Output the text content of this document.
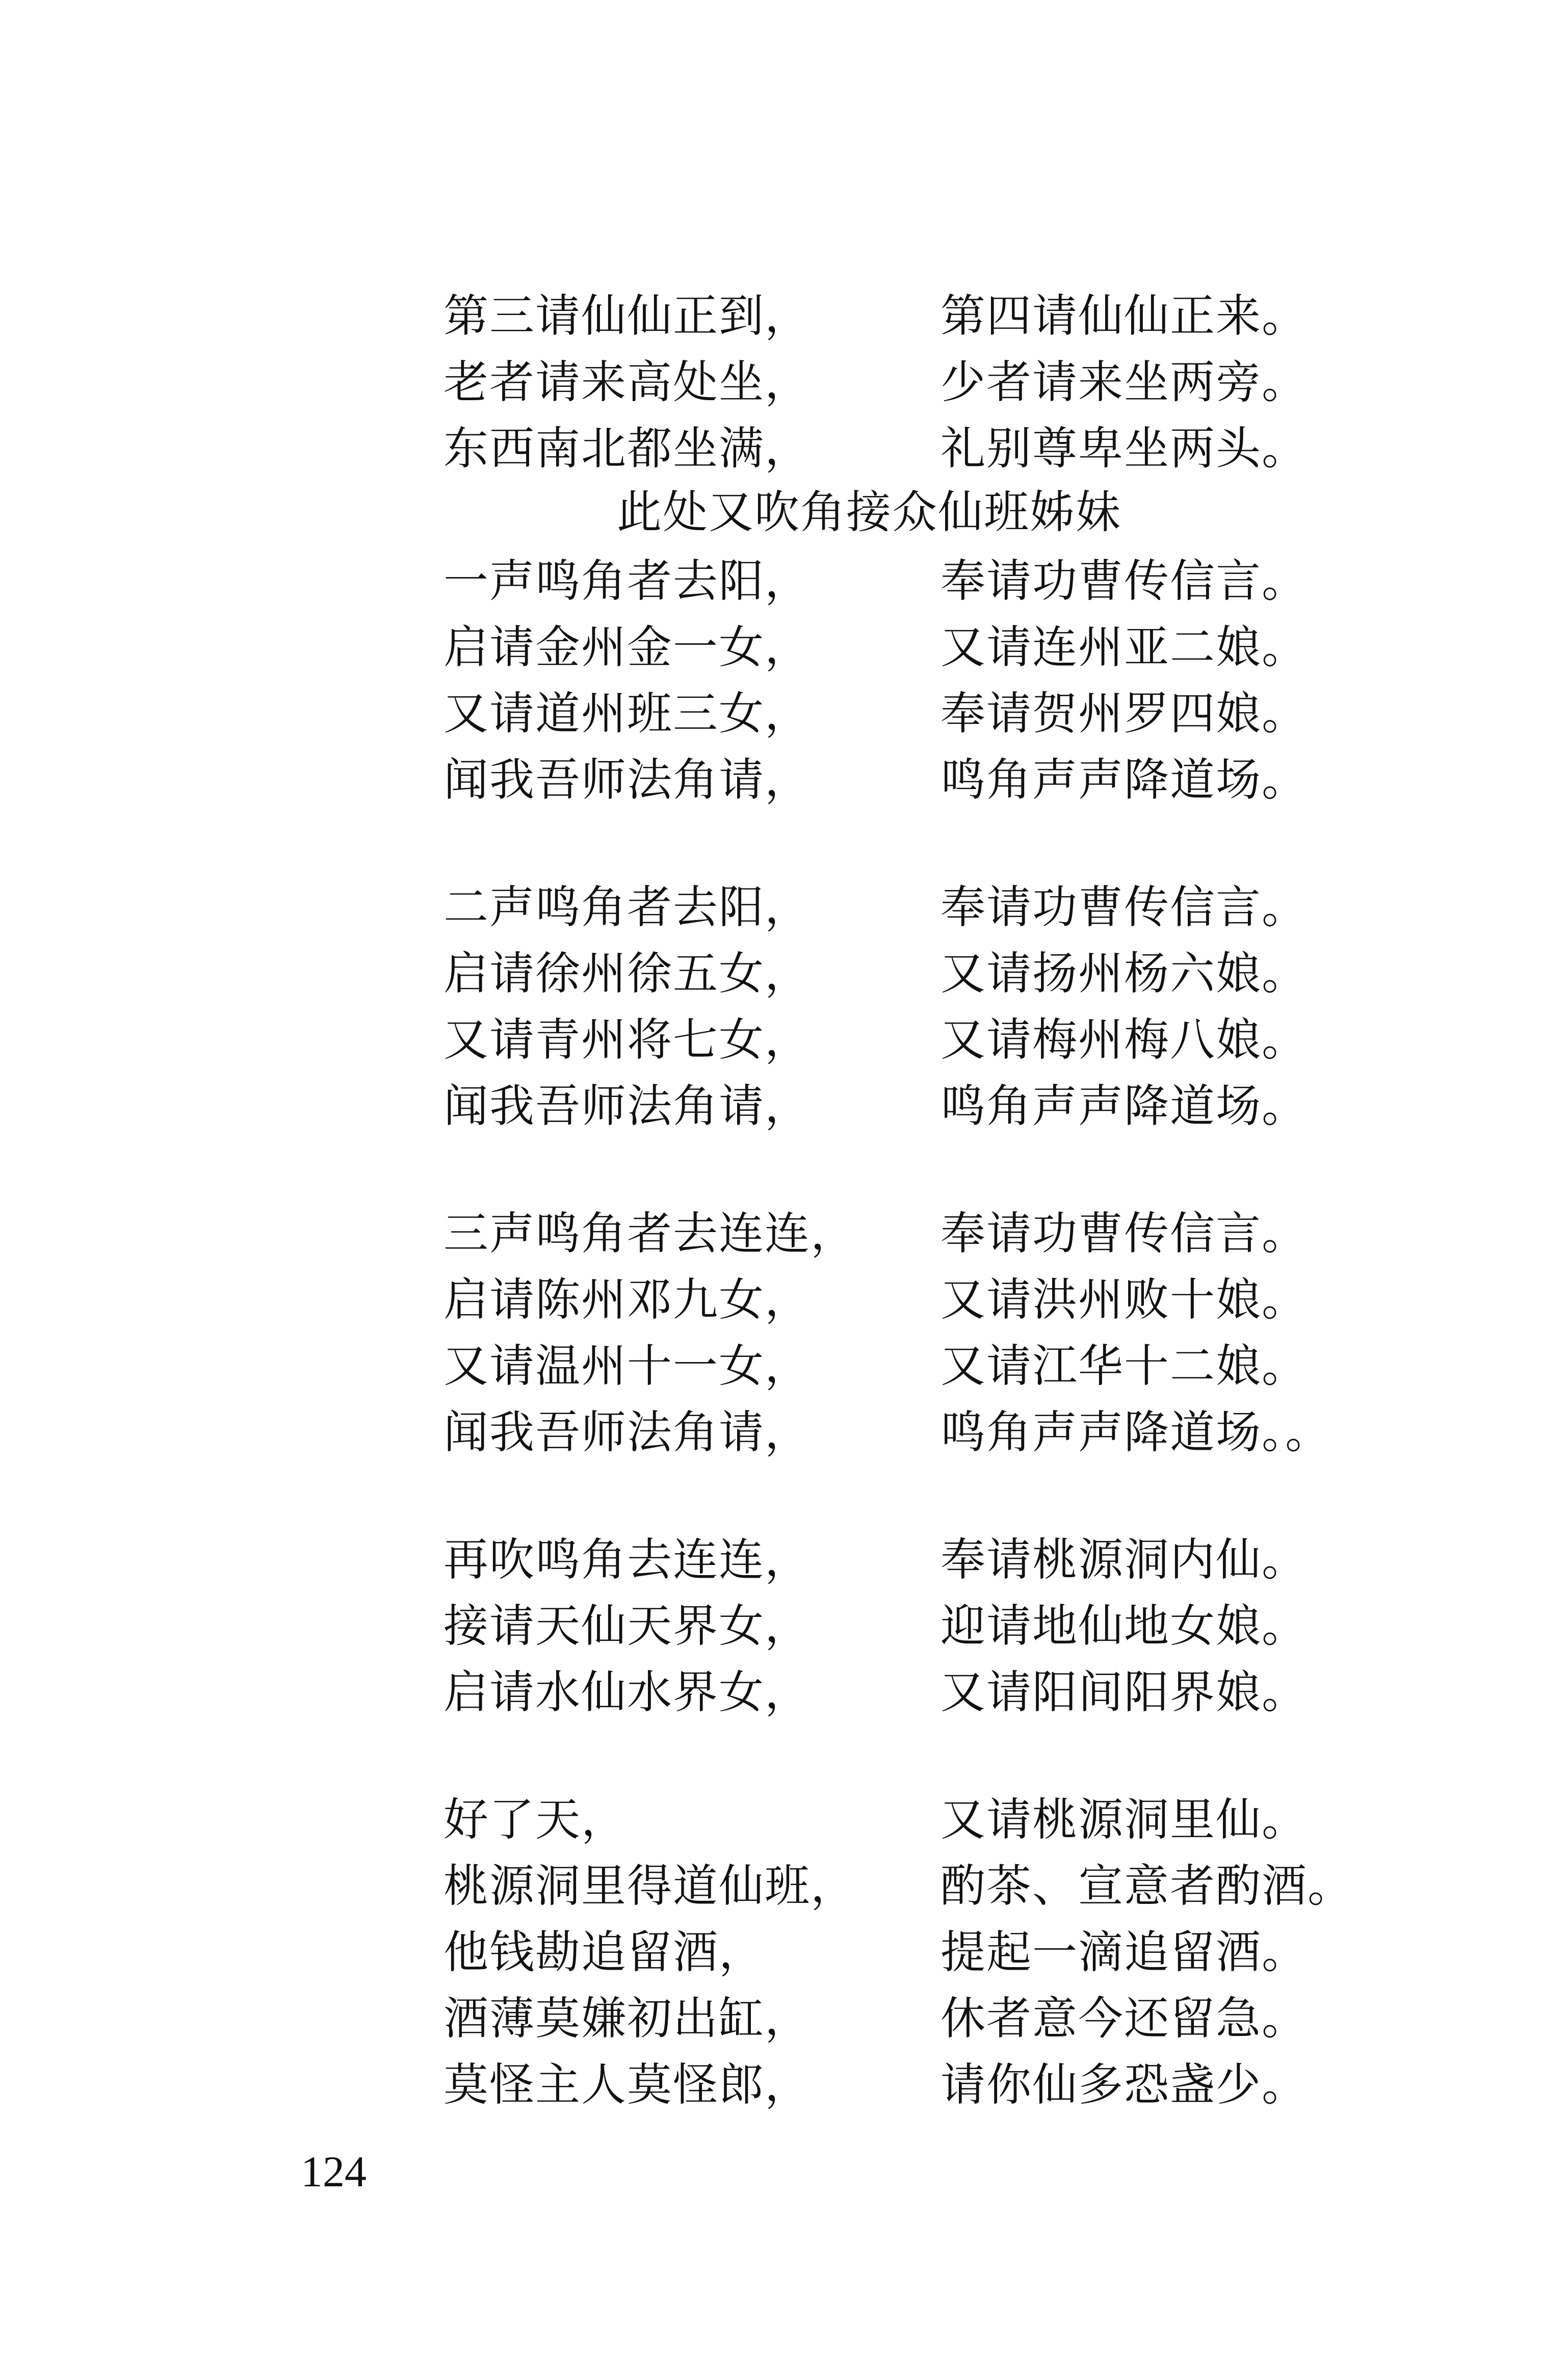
第三请仙仙正到，	第四请仙仙正来。
老者请来高处坐，	少者请来坐两旁。
东西南北都坐满，	礼别尊卑坐两头。
此处又吹角接众仙班姊妹
一声鸣角者去阳，	奉请功曹传信言。
启请金州金一女，	又请连州亚二娘。
又请道州班三女，	奉请贺州罗四娘。
闻我吾师法角请，	鸣角声声降道场。
二声鸣角者去阳，	奉请功曹传信言。
启请徐州徐五女，	又请扬州杨六娘。
又请青州将七女，	又请梅州梅八娘。
闻我吾师法角请，	鸣角声声降道场。
三声鸣角者去连连， 奉请功曹传信言。
启请陈州邓九女，	又请洪州败十娘。
又请温州十一女，	又请江华十二娘。
闻我吾师法角请，	鸣角声声降道场。。
再吹鸣角去连连，	奉请桃源洞内仙。
接请天仙天界女，	迎请地仙地女娘。
启请水仙水界女，	又请阳间阳界娘。
好了天，	又请桃源洞里仙。
桃源洞里得道仙班， 酌茶、宣意者酌酒。
他钱勘追留酒，	提起一滴追留酒。
酒薄莫嫌初出缸，	休者意今还留急。
莫怪主人莫怪郎，	请你仙多恐盏少。
124
